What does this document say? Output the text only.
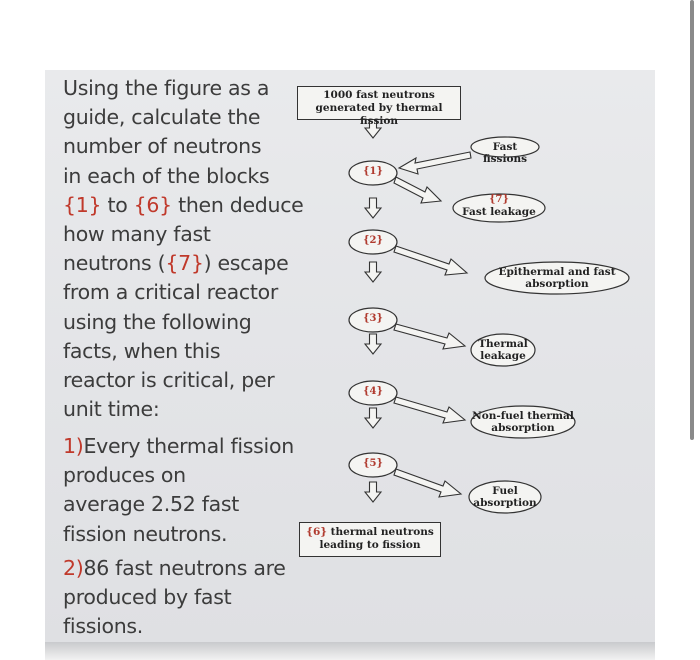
Using the figure as a
guide, calculate the
number of neutrons
in each of the blocks
{1} to {6} then deduce
how many fast
neutrons ({7}) escape
from a critical reactor
using the following
facts, when this
reactor is critical, per
unit time:
1)Every thermal fission
produces on
average 2.52 fast
fission neutrons.
2)86 fast neutrons are
produced by fast
fissions.
1000 fast neutrons
generated by thermal fission
{6} thermal neutrons
leading to fission
{1}
{2}
{3}
{4}
{5}
Fast fissions
{7}
Fast leakage
Epithermal and fast
absorption
Thermal
leakage
Non-fuel thermal
absorption
Fuel
absorption
